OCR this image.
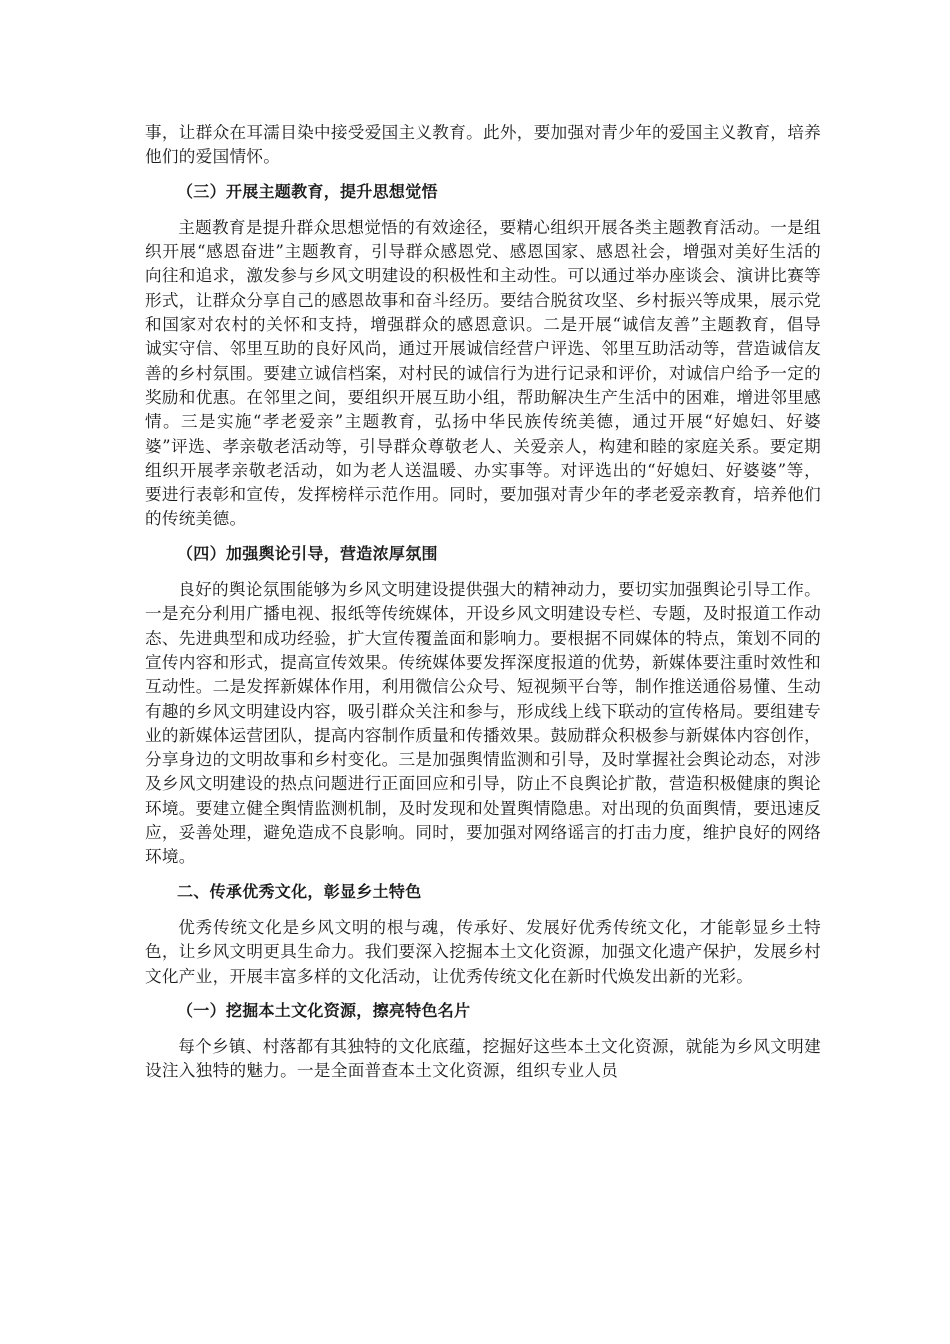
事，让群众在耳濡目染中接受爱国主义教育。此外，要加强对青少年的爱国主义教育，培养他们的爱国情怀。

（三）开展主题教育，提升思想觉悟

主题教育是提升群众思想觉悟的有效途径，要精心组织开展各类主题教育活动。一是组织开展“感恩奋进”主题教育，引导群众感恩党、感恩国家、感恩社会，增强对美好生活的向往和追求，激发参与乡风文明建设的积极性和主动性。可以通过举办座谈会、演讲比赛等形式，让群众分享自己的感恩故事和奋斗经历。要结合脱贫攻坚、乡村振兴等成果，展示党和国家对农村的关怀和支持，增强群众的感恩意识。二是开展“诚信友善”主题教育，倡导诚实守信、邻里互助的良好风尚，通过开展诚信经营户评选、邻里互助活动等，营造诚信友善的乡村氛围。要建立诚信档案，对村民的诚信行为进行记录和评价，对诚信户给予一定的奖励和优惠。在邻里之间，要组织开展互助小组，帮助解决生产生活中的困难，增进邻里感情。三是实施“孝老爱亲”主题教育，弘扬中华民族传统美德，通过开展“好媳妇、好婆婆”评选、孝亲敬老活动等，引导群众尊敬老人、关爱亲人，构建和睦的家庭关系。要定期组织开展孝亲敬老活动，如为老人送温暖、办实事等。对评选出的“好媳妇、好婆婆”等，要进行表彰和宣传，发挥榜样示范作用。同时，要加强对青少年的孝老爱亲教育，培养他们的传统美德。

（四）加强舆论引导，营造浓厚氛围

良好的舆论氛围能够为乡风文明建设提供强大的精神动力，要切实加强舆论引导工作。一是充分利用广播电视、报纸等传统媒体，开设乡风文明建设专栏、专题，及时报道工作动态、先进典型和成功经验，扩大宣传覆盖面和影响力。要根据不同媒体的特点，策划不同的宣传内容和形式，提高宣传效果。传统媒体要发挥深度报道的优势，新媒体要注重时效性和互动性。二是发挥新媒体作用，利用微信公众号、短视频平台等，制作推送通俗易懂、生动有趣的乡风文明建设内容，吸引群众关注和参与，形成线上线下联动的宣传格局。要组建专业的新媒体运营团队，提高内容制作质量和传播效果。鼓励群众积极参与新媒体内容创作，分享身边的文明故事和乡村变化。三是加强舆情监测和引导，及时掌握社会舆论动态，对涉及乡风文明建设的热点问题进行正面回应和引导，防止不良舆论扩散，营造积极健康的舆论环境。要建立健全舆情监测机制，及时发现和处置舆情隐患。对出现的负面舆情，要迅速反应，妥善处理，避免造成不良影响。同时，要加强对网络谣言的打击力度，维护良好的网络环境。

二、传承优秀文化，彰显乡土特色

优秀传统文化是乡风文明的根与魂，传承好、发展好优秀传统文化，才能彰显乡土特色，让乡风文明更具生命力。我们要深入挖掘本土文化资源，加强文化遗产保护，发展乡村文化产业，开展丰富多样的文化活动，让优秀传统文化在新时代焕发出新的光彩。

（一）挖掘本土文化资源，擦亮特色名片

每个乡镇、村落都有其独特的文化底蕴，挖掘好这些本土文化资源，就能为乡风文明建设注入独特的魅力。一是全面普查本土文化资源，组织专业人员
